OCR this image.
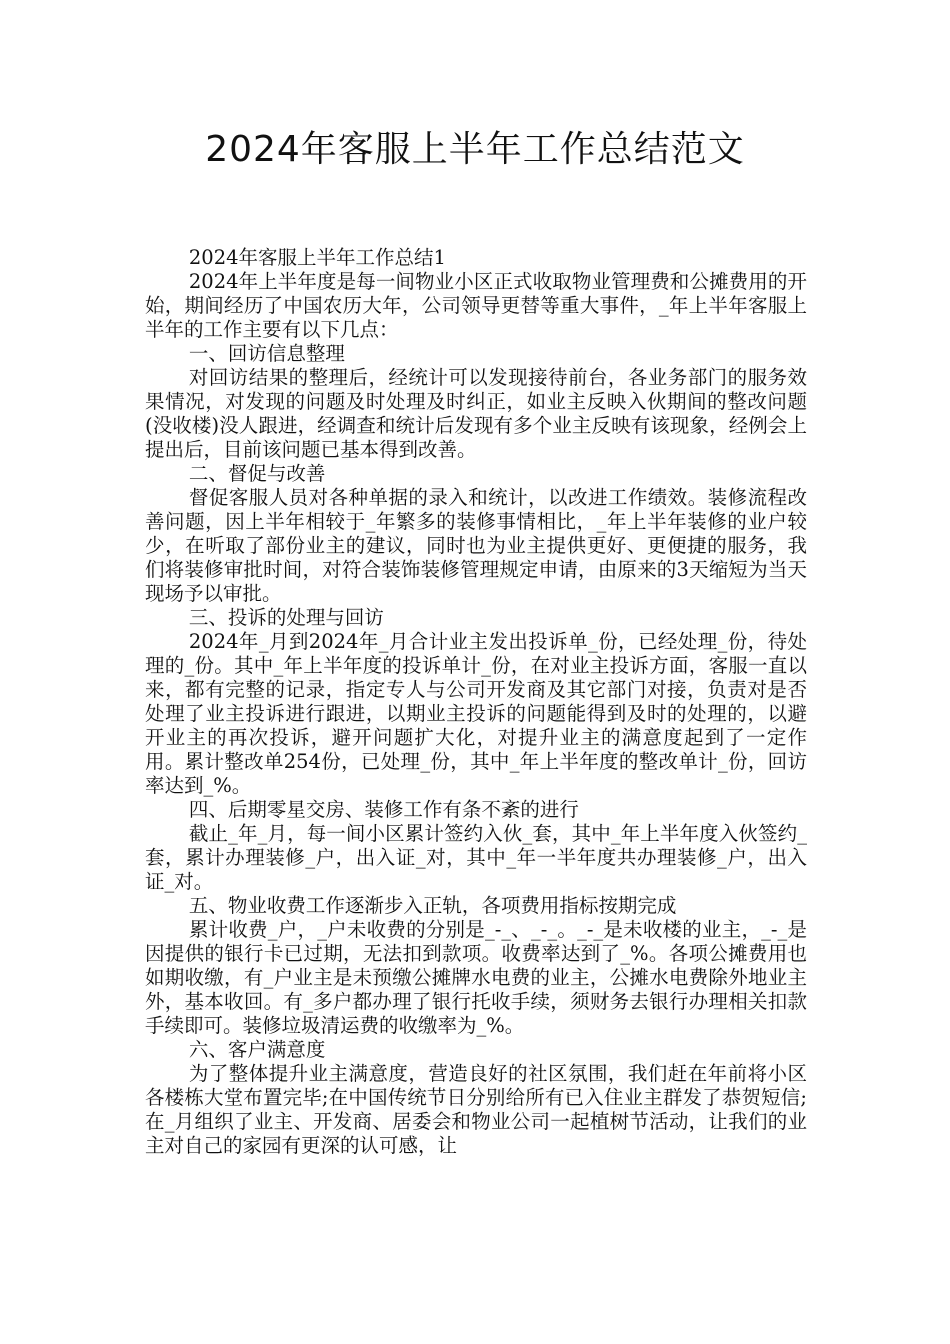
2024年客服上半年工作总结范文

2024年客服上半年工作总结1

2024年上半年度是每一间物业小区正式收取物业管理费和公摊费用的开始，期间经历了中国农历大年，公司领导更替等重大事件，_年上半年客服上半年的工作主要有以下几点：

一、回访信息整理

对回访结果的整理后，经统计可以发现接待前台，各业务部门的服务效果情况，对发现的问题及时处理及时纠正，如业主反映入伙期间的整改问题(没收楼)没人跟进，经调查和统计后发现有多个业主反映有该现象，经例会上提出后，目前该问题已基本得到改善。

二、督促与改善

督促客服人员对各种单据的录入和统计，以改进工作绩效。装修流程改善问题，因上半年相较于_年繁多的装修事情相比，_年上半年装修的业户较少，在听取了部份业主的建议，同时也为业主提供更好、更便捷的服务，我们将装修审批时间，对符合装饰装修管理规定申请，由原来的3天缩短为当天现场予以审批。

三、投诉的处理与回访

2024年_月到2024年_月合计业主发出投诉单_份，已经处理_份，待处理的_份。其中_年上半年度的投诉单计_份，在对业主投诉方面，客服一直以来，都有完整的记录，指定专人与公司开发商及其它部门对接，负责对是否处理了业主投诉进行跟进，以期业主投诉的问题能得到及时的处理的，以避开业主的再次投诉，避开问题扩大化，对提升业主的满意度起到了一定作用。累计整改单254份，已处理_份，其中_年上半年度的整改单计_份，回访率达到_%。

四、后期零星交房、装修工作有条不紊的进行

截止_年_月，每一间小区累计签约入伙_套，其中_年上半年度入伙签约_套，累计办理装修_户，出入证_对，其中_年一半年度共办理装修_户，出入证_对。

五、物业收费工作逐渐步入正轨，各项费用指标按期完成

累计收费_户，_户未收费的分别是_-_、_-_。_-_是未收楼的业主，_-_是因提供的银行卡已过期，无法扣到款项。收费率达到了_%。各项公摊费用也如期收缴，有_户业主是未预缴公摊牌水电费的业主，公摊水电费除外地业主外，基本收回。有_多户都办理了银行托收手续，须财务去银行办理相关扣款手续即可。装修垃圾清运费的收缴率为_%。

六、客户满意度

为了整体提升业主满意度，营造良好的社区氛围，我们赶在年前将小区各楼栋大堂布置完毕;在中国传统节日分别给所有已入住业主群发了恭贺短信;在_月组织了业主、开发商、居委会和物业公司一起植树节活动，让我们的业主对自己的家园有更深的认可感，让
